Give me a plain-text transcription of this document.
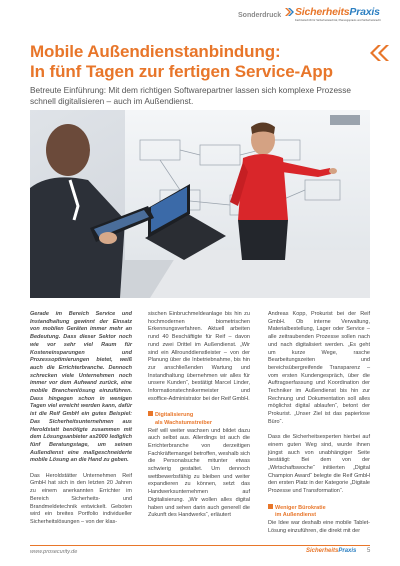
Sonderdruck SicherheitsPraxis
Fachzeitschrift für Sicherheitstechnik, Planungspraxis und Sicherheitsrecht
Mobile Außendienstanbindung:
In fünf Tagen zur fertigen Service-App

Betreute Einführung: Mit dem richtigen Softwarepartner lassen sich komplexe Prozesse schnell digitalisieren – auch im Außendienst.

Gerade im Bereich Service und Instandhaltung gewinnt der Einsatz von mobilen Geräten immer mehr an Bedeutung. Dass dieser Sektor noch wie vor sehr viel Raum für Kosteneinsparungen und Prozessoptimierungen bietet, weiß auch die Errichterbranche. Dennoch schrecken viele Unternehmen noch immer vor dem Aufwand zurück, eine mobile Branchenlösung einzuführen. Dass hingegen schon in wenigen Tagen viel erreicht werden kann, dafür ist die Reif GmbH ein gutes Beispiel: Das Sicherheitsunternehmen aus Heroldstatt benötigte zusammen mit dem Lösungsanbieter as2000 lediglich fünf Beratungstage, um seinen Außendienst eine maßgeschneiderte mobile Lösung an die Hand zu geben.

Das Heroldstätter Unternehmen Reif GmbH hat sich in den letzten 20 Jahren zu einem anerkannten Errichter im Bereich Sicherheits- und Brandmeldetechnik entwickelt. Geboten wird ein breites Portfolio individueller Sicherheitslösungen – von der klas-

sischen Einbruchmeldeanlage bis hin zu hochmodernen biometrischen Erkennungsverfahren. Aktuell arbeiten rund 40 Beschäftigte für Reif – davon rund zwei Drittel im Außendienst. „Wir sind ein Allrounddienstleister – von der Planung über die Inbetriebnahme, bis hin zur anschließenden Wartung und Instandhaltung übernehmen wir alles für unsere Kunden“, bestätigt Marcel Linder, Informationstechnikermeister und esoffice-Administrator bei der Reif GmbH.

Digitalisierung
als Wachstumstreiber

Reif will weiter wachsen und bildet dazu auch selbst aus. Allerdings ist auch die Errichterbranche von derzeitigen Fachkräftemangel betroffen, weshalb sich die Personalsuche mitunter etwas schwierig gestaltet. Um dennoch wettbewerbsfähig zu bleiben und weiter expandieren zu können, setzt das Handwerksunternehmen auf Digitalisierung. „Wir wollen alles digital haben und sehen darin auch generell die Zukunft des Handwerks“, erläutert

Andreas Kopp, Prokurist bei der Reif GmbH. Ob interne Verwaltung, Materialbestellung, Lager oder Service – alle zeitraubenden Prozesse sollen nach und nach digitalisiert werden. „Es geht um kurze Wege, rasche Bearbeitungszeiten und bereichsübergreifende Transparenz – vom ersten Kundengespräch, über die Auftragserfassung und Koordination der Techniker im Außendienst bis hin zur Rechnung und Dokumentation soll alles möglichst digital ablaufen“, betont der Prokurist. „Unser Ziel ist das papierlose Büro“.

Dass die Sicherheitsexperten hierbei auf einem guten Weg sind, wurde ihnen jüngst auch von unabhängiger Seite bestätigt: Bei dem von der „Wirtschaftswoche“ initiierten „Digital Champion Award“ belegte die Reif GmbH den ersten Platz in der Kategorie „Digitale Prozesse und Transformation“.

Weniger Bürokratie
im Außendienst

Die Idee war deshalb eine mobile Tablet-Lösung einzuführen, die direkt mit der

www.prosecurity.de	SicherheitsPraxis 5
